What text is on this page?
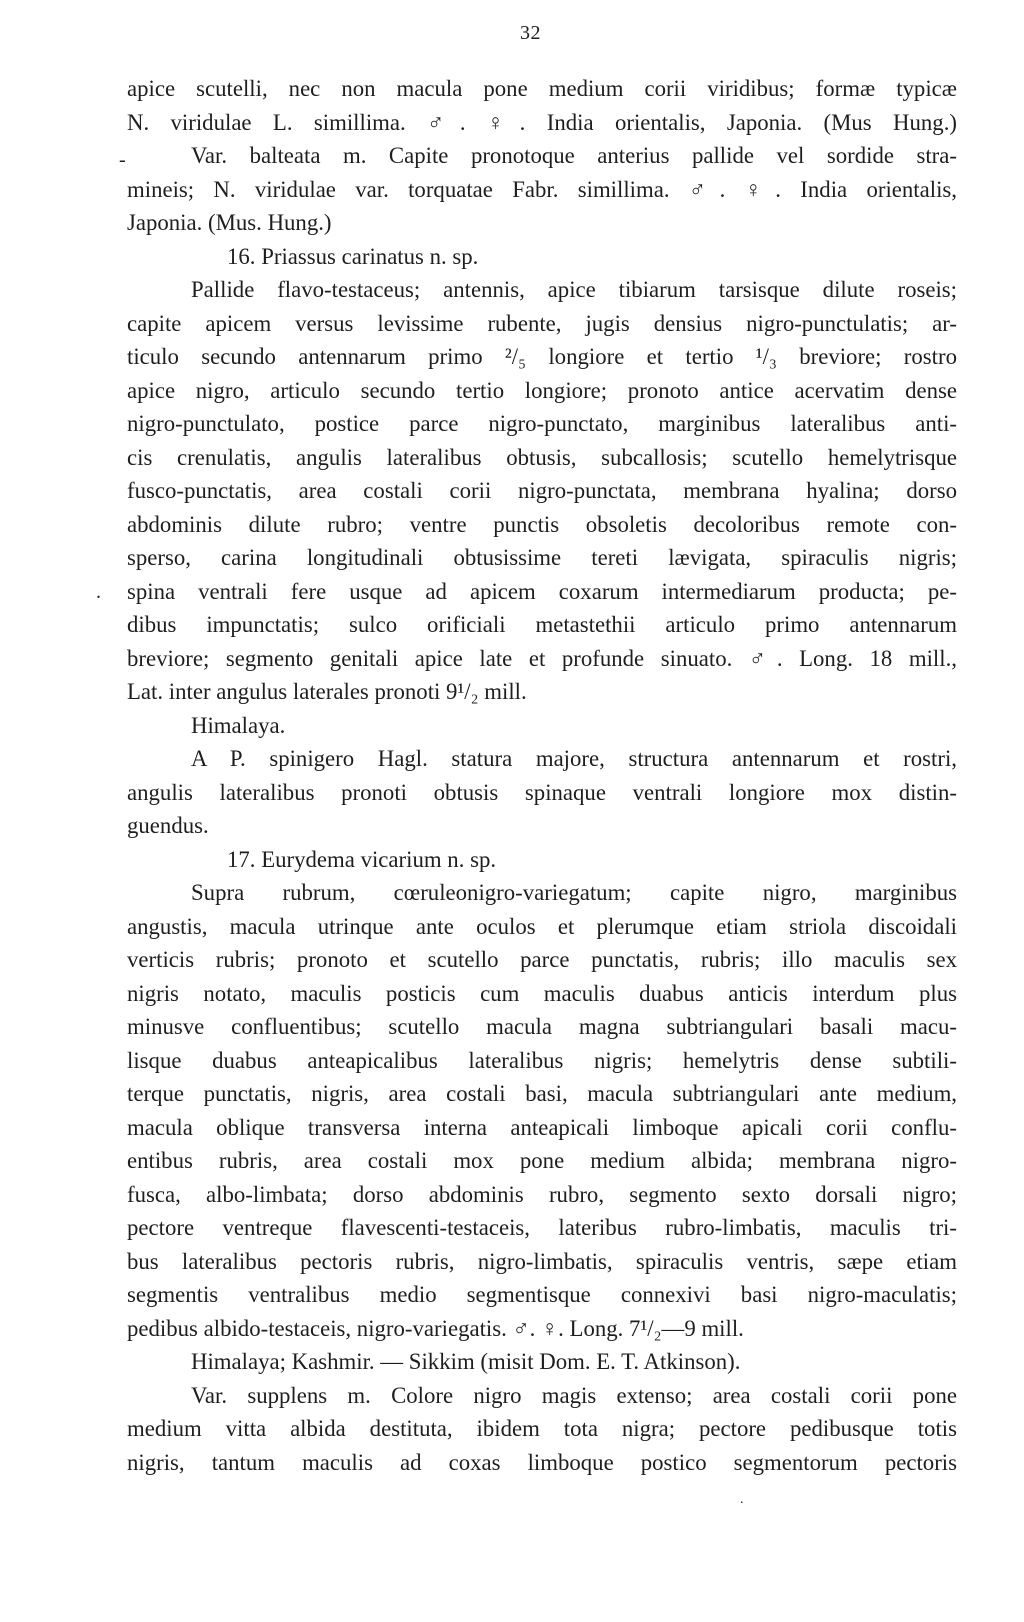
32
-
.
.
apice scutelli, nec non macula pone medium corii viridibus; formæ typicæ
N. viridulae L. simillima. ♂. ♀. India orientalis, Japonia. (Mus Hung.)
Var. balteata m. Capite pronotoque anterius pallide vel sordide stra-
mineis; N. viridulae var. torquatae Fabr. simillima. ♂. ♀. India orientalis,
Japonia. (Mus. Hung.)
16. Priassus carinatus n. sp.
Pallide flavo-testaceus; antennis, apice tibiarum tarsisque dilute roseis;
capite apicem versus levissime rubente, jugis densius nigro-punctulatis; ar-
ticulo secundo antennarum primo ²/₅ longiore et tertio ¹/₃ breviore; rostro
apice nigro, articulo secundo tertio longiore; pronoto antice acervatim dense
nigro-punctulato, postice parce nigro-punctato, marginibus lateralibus anti-
cis crenulatis, angulis lateralibus obtusis, subcallosis; scutello hemelytrisque
fusco-punctatis, area costali corii nigro-punctata, membrana hyalina; dorso
abdominis dilute rubro; ventre punctis obsoletis decoloribus remote con-
sperso, carina longitudinali obtusissime tereti lævigata, spiraculis nigris;
spina ventrali fere usque ad apicem coxarum intermediarum producta; pe-
dibus impunctatis; sulco orificiali metastethii articulo primo antennarum
breviore; segmento genitali apice late et profunde sinuato. ♂. Long. 18 mill.,
Lat. inter angulus laterales pronoti 9¹/₂ mill.
Himalaya.
A P. spinigero Hagl. statura majore, structura antennarum et rostri,
angulis lateralibus pronoti obtusis spinaque ventrali longiore mox distin-
guendus.
17. Eurydema vicarium n. sp.
Supra rubrum, cœruleonigro-variegatum; capite nigro, marginibus
angustis, macula utrinque ante oculos et plerumque etiam striola discoidali
verticis rubris; pronoto et scutello parce punctatis, rubris; illo maculis sex
nigris notato, maculis posticis cum maculis duabus anticis interdum plus
minusve confluentibus; scutello macula magna subtriangulari basali macu-
lisque duabus anteapicalibus lateralibus nigris; hemelytris dense subtili-
terque punctatis, nigris, area costali basi, macula subtriangulari ante medium,
macula oblique transversa interna anteapicali limboque apicali corii conflu-
entibus rubris, area costali mox pone medium albida; membrana nigro-
fusca, albo-limbata; dorso abdominis rubro, segmento sexto dorsali nigro;
pectore ventreque flavescenti-testaceis, lateribus rubro-limbatis, maculis tri-
bus lateralibus pectoris rubris, nigro-limbatis, spiraculis ventris, sæpe etiam
segmentis ventralibus medio segmentisque connexivi basi nigro-maculatis;
pedibus albido-testaceis, nigro-variegatis. ♂. ♀. Long. 7¹/₂—9 mill.
Himalaya; Kashmir. — Sikkim (misit Dom. E. T. Atkinson).
Var. supplens m. Colore nigro magis extenso; area costali corii pone
medium vitta albida destituta, ibidem tota nigra; pectore pedibusque totis
nigris, tantum maculis ad coxas limboque postico segmentorum pectoris
